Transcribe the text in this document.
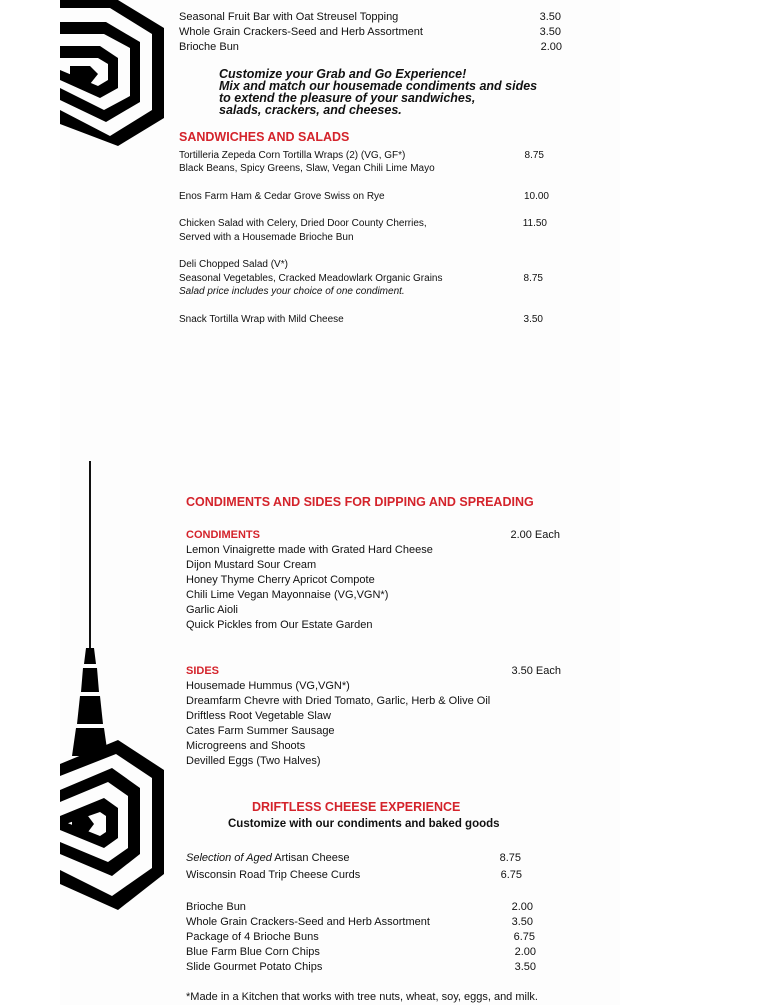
Seasonal Fruit Bar with Oat Streusel Topping	3.50
Whole Grain Crackers-Seed and Herb Assortment	3.50
Brioche Bun	2.00
Customize your Grab and Go Experience!
Mix and match our housemade condiments and sides
to extend the pleasure of your sandwiches,
salads, crackers, and cheeses.
SANDWICHES AND SALADS
Tortilleria Zepeda Corn Tortilla Wraps (2) (VG, GF*)
Black Beans, Spicy Greens, Slaw, Vegan Chili Lime Mayo
8.75
Enos Farm Ham & Cedar Grove Swiss on Rye	10.00
Chicken Salad with Celery, Dried Door County Cherries,
Served with a Housemade Brioche Bun
11.50
Deli Chopped Salad (V*)
Seasonal Vegetables, Cracked Meadowlark Organic Grains
Salad price includes your choice of one condiment.
8.75
Snack Tortilla Wrap with Mild Cheese	3.50
CONDIMENTS AND SIDES FOR DIPPING AND SPREADING
CONDIMENTS	2.00 Each
Lemon Vinaigrette made with Grated Hard Cheese
Dijon Mustard Sour Cream
Honey Thyme Cherry Apricot Compote
Chili Lime Vegan Mayonnaise (VG,VGN*)
Garlic Aioli
Quick Pickles from Our Estate Garden
SIDES	3.50 Each
Housemade Hummus (VG,VGN*)
Dreamfarm Chevre with Dried Tomato, Garlic, Herb & Olive Oil
Driftless Root Vegetable Slaw
Cates Farm Summer Sausage
Microgreens and Shoots
Devilled Eggs (Two Halves)
DRIFTLESS CHEESE EXPERIENCE
Customize with our condiments and baked goods
Selection of Aged Artisan Cheese	8.75
Wisconsin Road Trip Cheese Curds	6.75
Brioche Bun	2.00
Whole Grain Crackers-Seed and Herb Assortment	3.50
Package of 4 Brioche Buns	6.75
Blue Farm Blue Corn Chips	2.00
Slide Gourmet Potato Chips	3.50
*Made in a Kitchen that works with tree nuts, wheat, soy, eggs, and milk.
